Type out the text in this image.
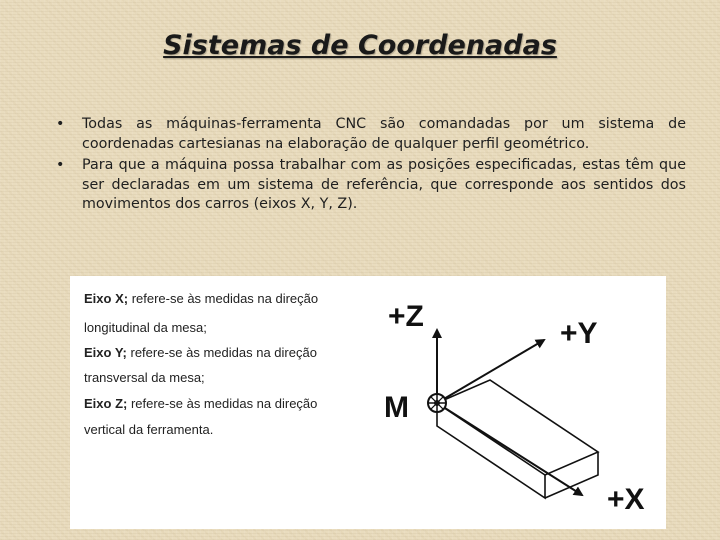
Sistemas de Coordenadas
• Todas as máquinas-ferramenta CNC são comandadas por um sistema de coordenadas cartesianas na elaboração de qualquer perfil geométrico.
• Para que a máquina possa trabalhar com as posições especificadas, estas têm que ser declaradas em um sistema de referência, que corresponde aos sentidos dos movimentos dos carros (eixos X, Y, Z).
Eixo X; refere-se às medidas na direção
longitudinal da mesa;
Eixo Y; refere-se às medidas na direção
transversal da mesa;
Eixo Z; refere-se às medidas na direção
vertical da ferramenta.
+Z
+Y
+X
M
